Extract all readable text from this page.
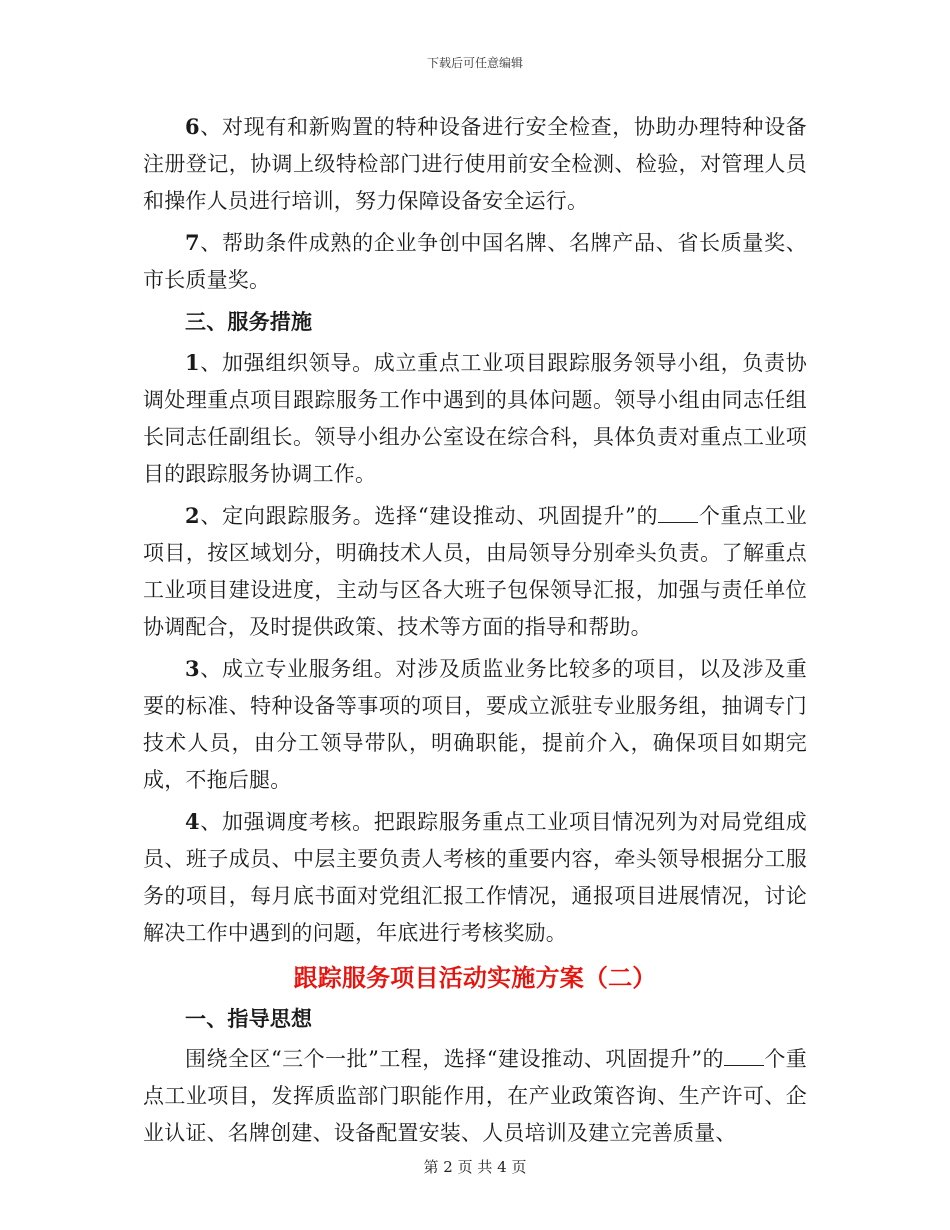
下载后可任意编辑

6、对现有和新购置的特种设备进行安全检查，协助办理特种设备注册登记，协调上级特检部门进行使用前安全检测、检验，对管理人员和操作人员进行培训，努力保障设备安全运行。

7、帮助条件成熟的企业争创中国名牌、名牌产品、省长质量奖、市长质量奖。

三、服务措施

1、加强组织领导。成立重点工业项目跟踪服务领导小组，负责协调处理重点项目跟踪服务工作中遇到的具体问题。领导小组由同志任组长同志任副组长。领导小组办公室设在综合科，具体负责对重点工业项目的跟踪服务协调工作。

2、定向跟踪服务。选择“建设推动、巩固提升”的 个重点工业项目，按区域划分，明确技术人员，由局领导分别牵头负责。了解重点工业项目建设进度，主动与区各大班子包保领导汇报，加强与责任单位协调配合，及时提供政策、技术等方面的指导和帮助。

3、成立专业服务组。对涉及质监业务比较多的项目，以及涉及重要的标准、特种设备等事项的项目，要成立派驻专业服务组，抽调专门技术人员，由分工领导带队，明确职能，提前介入，确保项目如期完成，不拖后腿。

4、加强调度考核。把跟踪服务重点工业项目情况列为对局党组成员、班子成员、中层主要负责人考核的重要内容，牵头领导根据分工服务的项目，每月底书面对党组汇报工作情况，通报项目进展情况，讨论解决工作中遇到的问题，年底进行考核奖励。

跟踪服务项目活动实施方案（二）

一、指导思想

围绕全区“三个一批”工程，选择“建设推动、巩固提升”的 个重点工业项目，发挥质监部门职能作用，在产业政策咨询、生产许可、企业认证、名牌创建、设备配置安装、人员培训及建立完善质量、

第 2 页 共 4 页
